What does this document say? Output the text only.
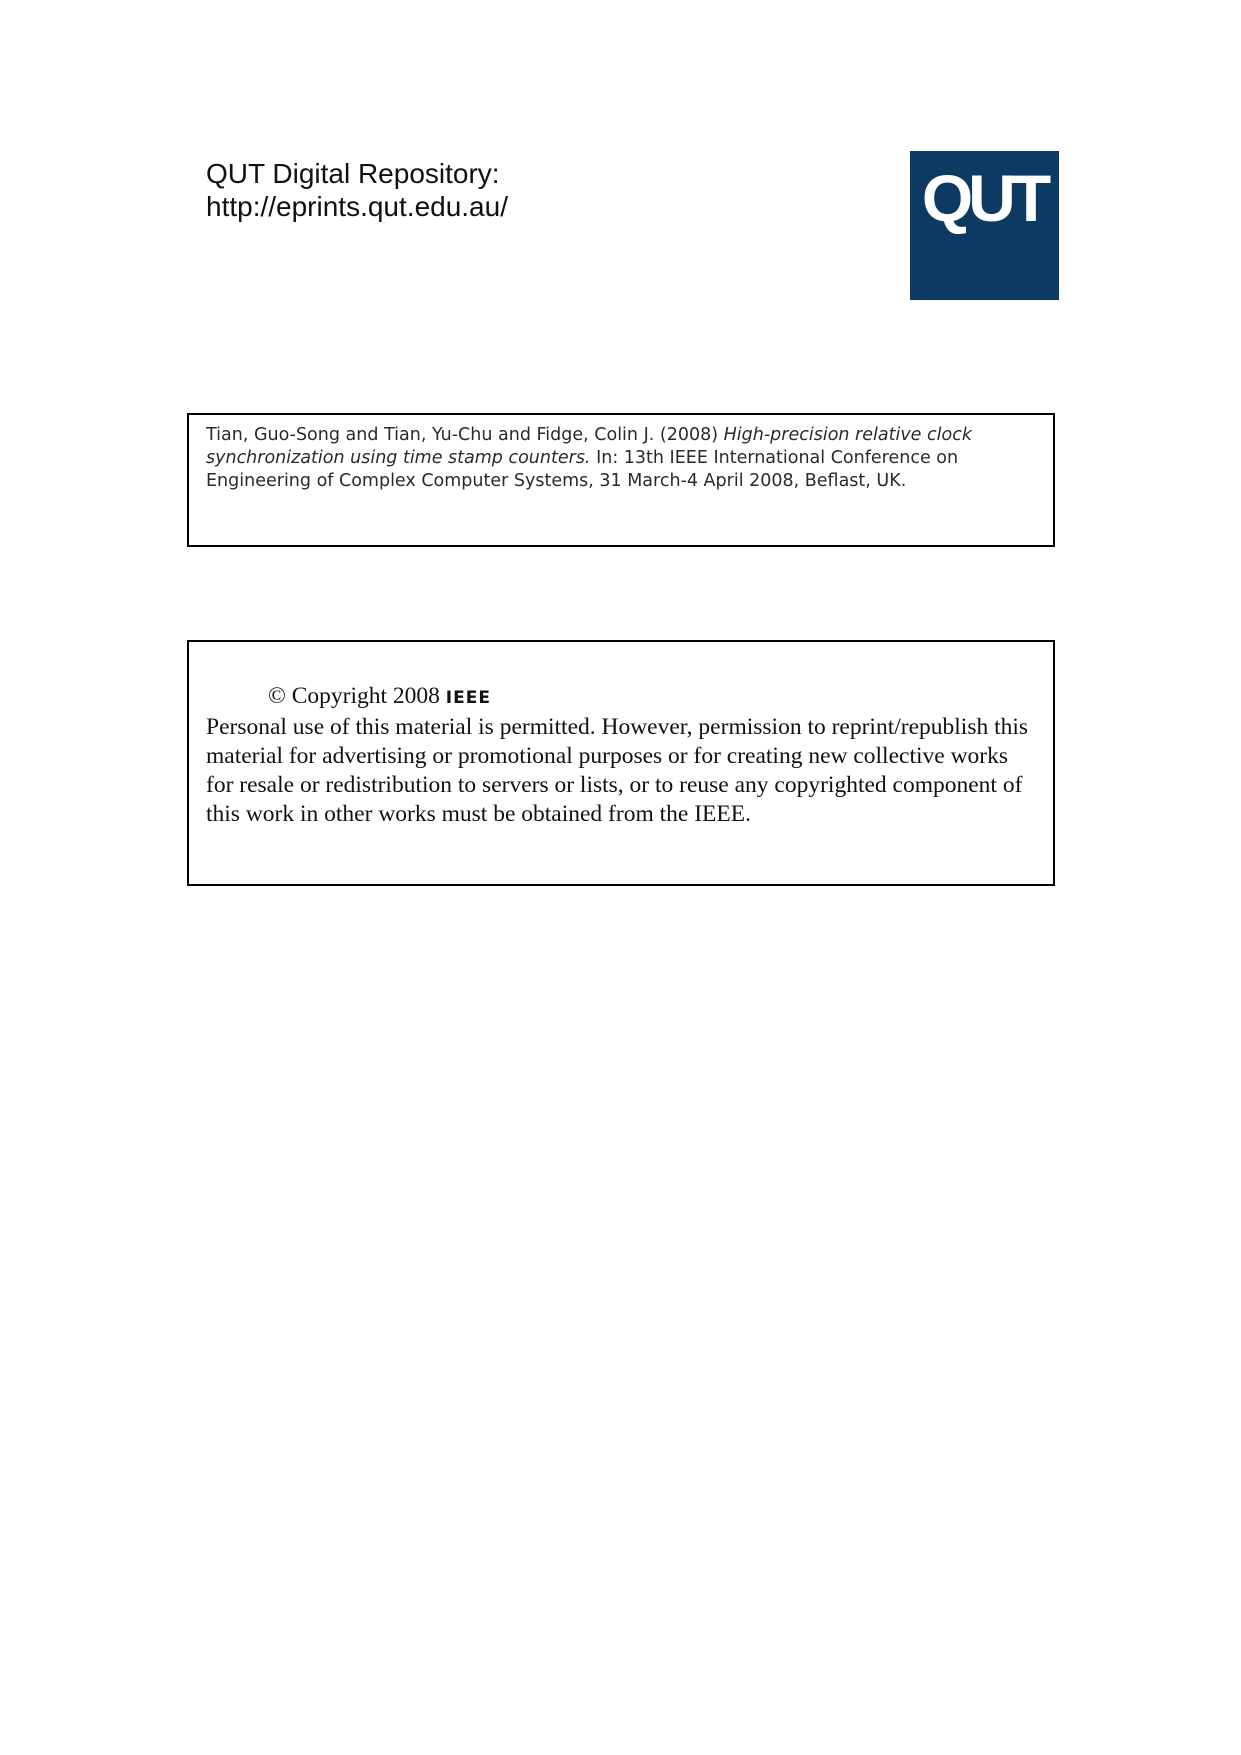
QUT Digital Repository:
http://eprints.qut.edu.au/	QUT
Tian, Guo-Song and Tian, Yu-Chu and Fidge, Colin J. (2008) High-precision relative clock synchronization using time stamp counters. In: 13th IEEE International Conference on Engineering of Complex Computer Systems, 31 March-4 April 2008, Beflast, UK.
© Copyright 2008 IEEE
Personal use of this material is permitted. However, permission to reprint/republish this material for advertising or promotional purposes or for creating new collective works for resale or redistribution to servers or lists, or to reuse any copyrighted component of this work in other works must be obtained from the IEEE.
